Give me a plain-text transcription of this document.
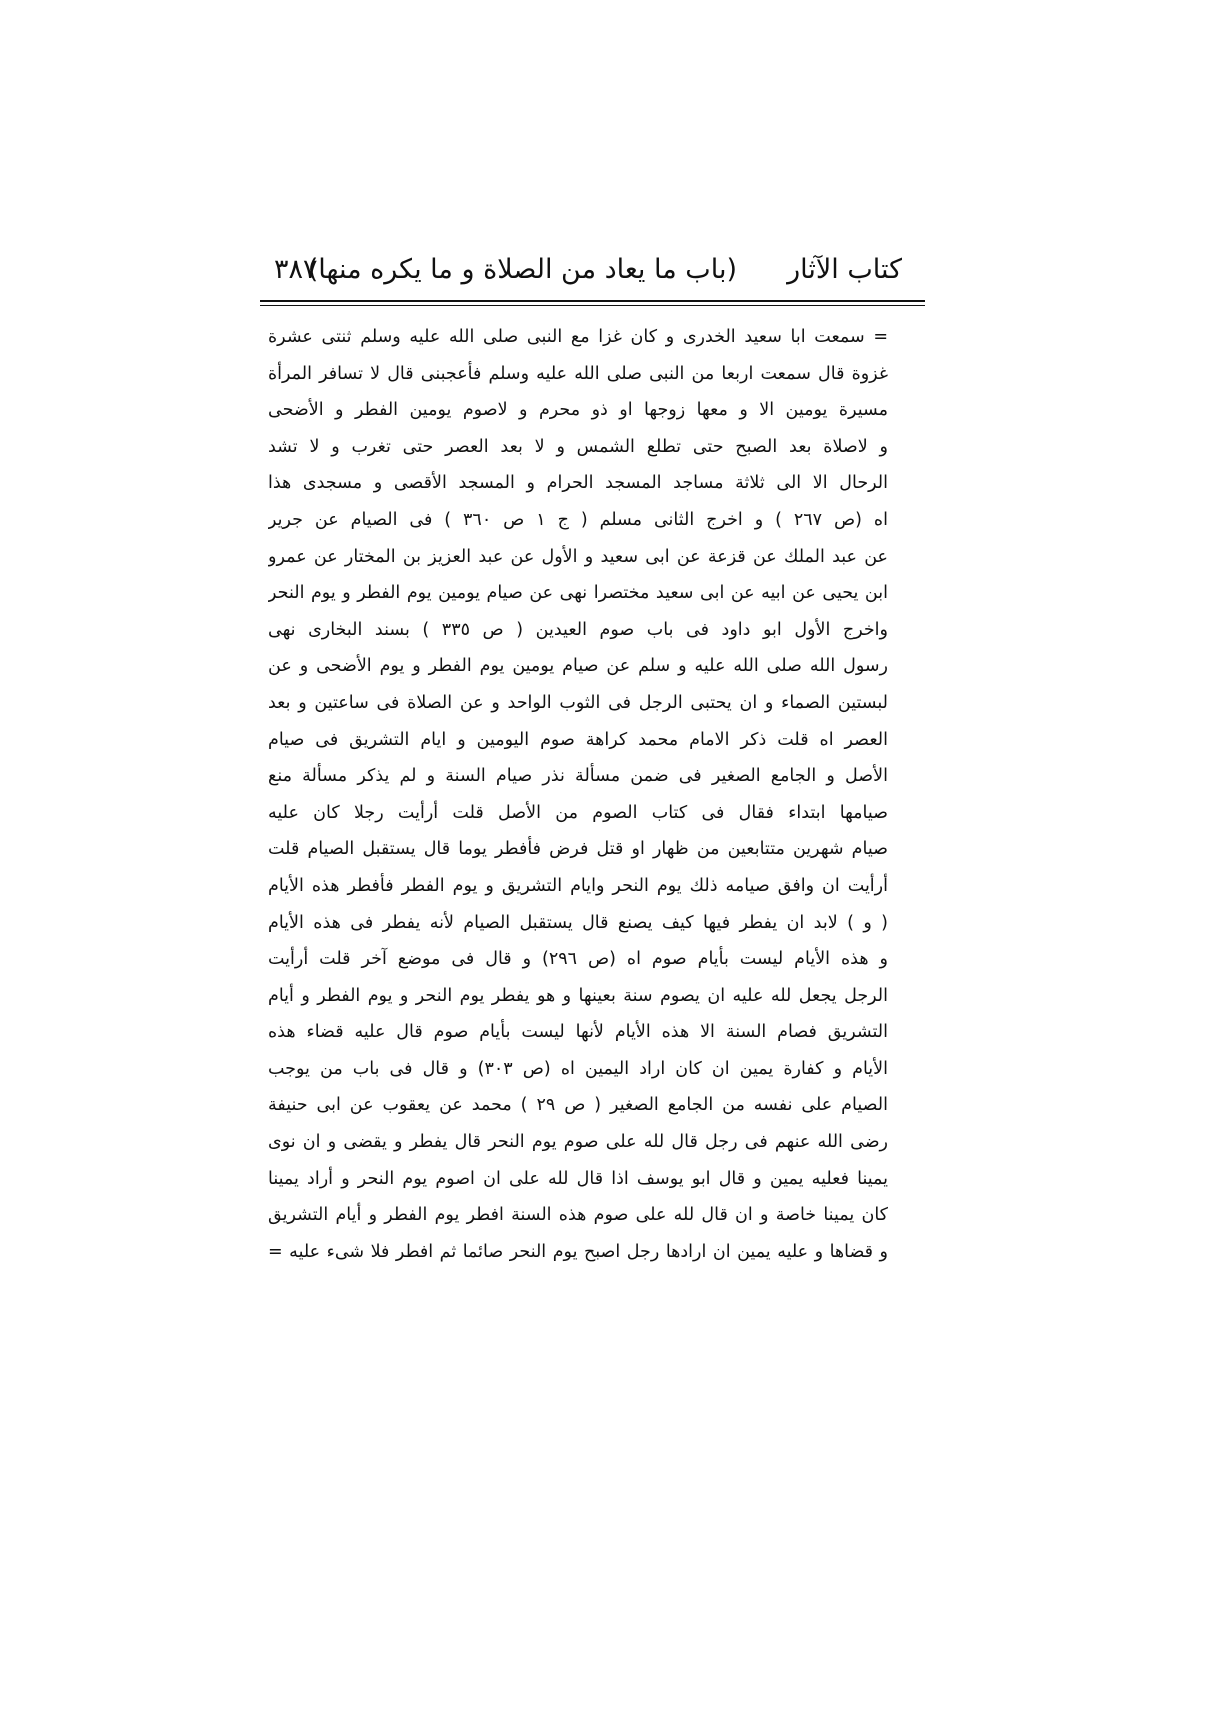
كتاب الآثار
(باب ما يعاد من الصلاة و ما يكره منها)
٣٨٧
= سمعت ابا سعيد الخدرى و كان غزا مع النبى صلى الله عليه وسلم ثنتى عشرة
غزوة قال سمعت اربعا من النبى صلى الله عليه وسلم فأعجبنى قال لا تسافر المرأة
مسيرة يومين الا و معها زوجها او ذو محرم و لاصوم يومين الفطر و الأضحى
و لاصلاة بعد الصبح حتى تطلع الشمس و لا بعد العصر حتى تغرب و لا تشد
الرحال الا الى ثلاثة مساجد المسجد الحرام و المسجد الأقصى و مسجدى هذا
اه (ص ٢٦٧ ) و اخرج الثانى مسلم ( ج ١ ص ٣٦٠ ) فى الصيام عن جرير
عن عبد الملك عن قزعة عن ابى سعيد و الأول عن عبد العزيز بن المختار عن عمرو
ابن يحيى عن ابيه عن ابى سعيد مختصرا نهى عن صيام يومين يوم الفطر و يوم النحر
واخرج الأول ابو داود فى باب صوم العيدين ( ص ٣٣٥ ) بسند البخارى نهى
رسول الله صلى الله عليه و سلم عن صيام يومين يوم الفطر و يوم الأضحى و عن
لبستين الصماء و ان يحتبى الرجل فى الثوب الواحد و عن الصلاة فى ساعتين و بعد
العصر اه قلت ذكر الامام محمد كراهة صوم اليومين و ايام التشريق فى صيام
الأصل و الجامع الصغير فى ضمن مسألة نذر صيام السنة و لم يذكر مسألة منع
صيامها ابتداء فقال فى كتاب الصوم من الأصل قلت أرأيت رجلا كان عليه
صيام شهرين متتابعين من ظهار او قتل فرض فأفطر يوما قال يستقبل الصيام قلت
أرأيت ان وافق صيامه ذلك يوم النحر وايام التشريق و يوم الفطر فأفطر هذه الأيام
( و ) لابد ان يفطر فيها كيف يصنع قال يستقبل الصيام لأنه يفطر فى هذه الأيام
و هذه الأيام ليست بأيام صوم اه (ص ٢٩٦) و قال فى موضع آخر قلت أرأيت
الرجل يجعل لله عليه ان يصوم سنة بعينها و هو يفطر يوم النحر و يوم الفطر و أيام
التشريق فصام السنة الا هذه الأيام لأنها ليست بأيام صوم قال عليه قضاء هذه
الأيام و كفارة يمين ان كان اراد اليمين اه (ص ٣٠٣) و قال فى باب من يوجب
الصيام على نفسه من الجامع الصغير ( ص ٢٩ ) محمد عن يعقوب عن ابى حنيفة
رضى الله عنهم فى رجل قال لله على صوم يوم النحر قال يفطر و يقضى و ان نوى
يمينا فعليه يمين و قال ابو يوسف اذا قال لله على ان اصوم يوم النحر و أراد يمينا
كان يمينا خاصة و ان قال لله على صوم هذه السنة افطر يوم الفطر و أيام التشريق
و قضاها و عليه يمين ان ارادها رجل اصبح يوم النحر صائما ثم افطر فلا شىء عليه =
